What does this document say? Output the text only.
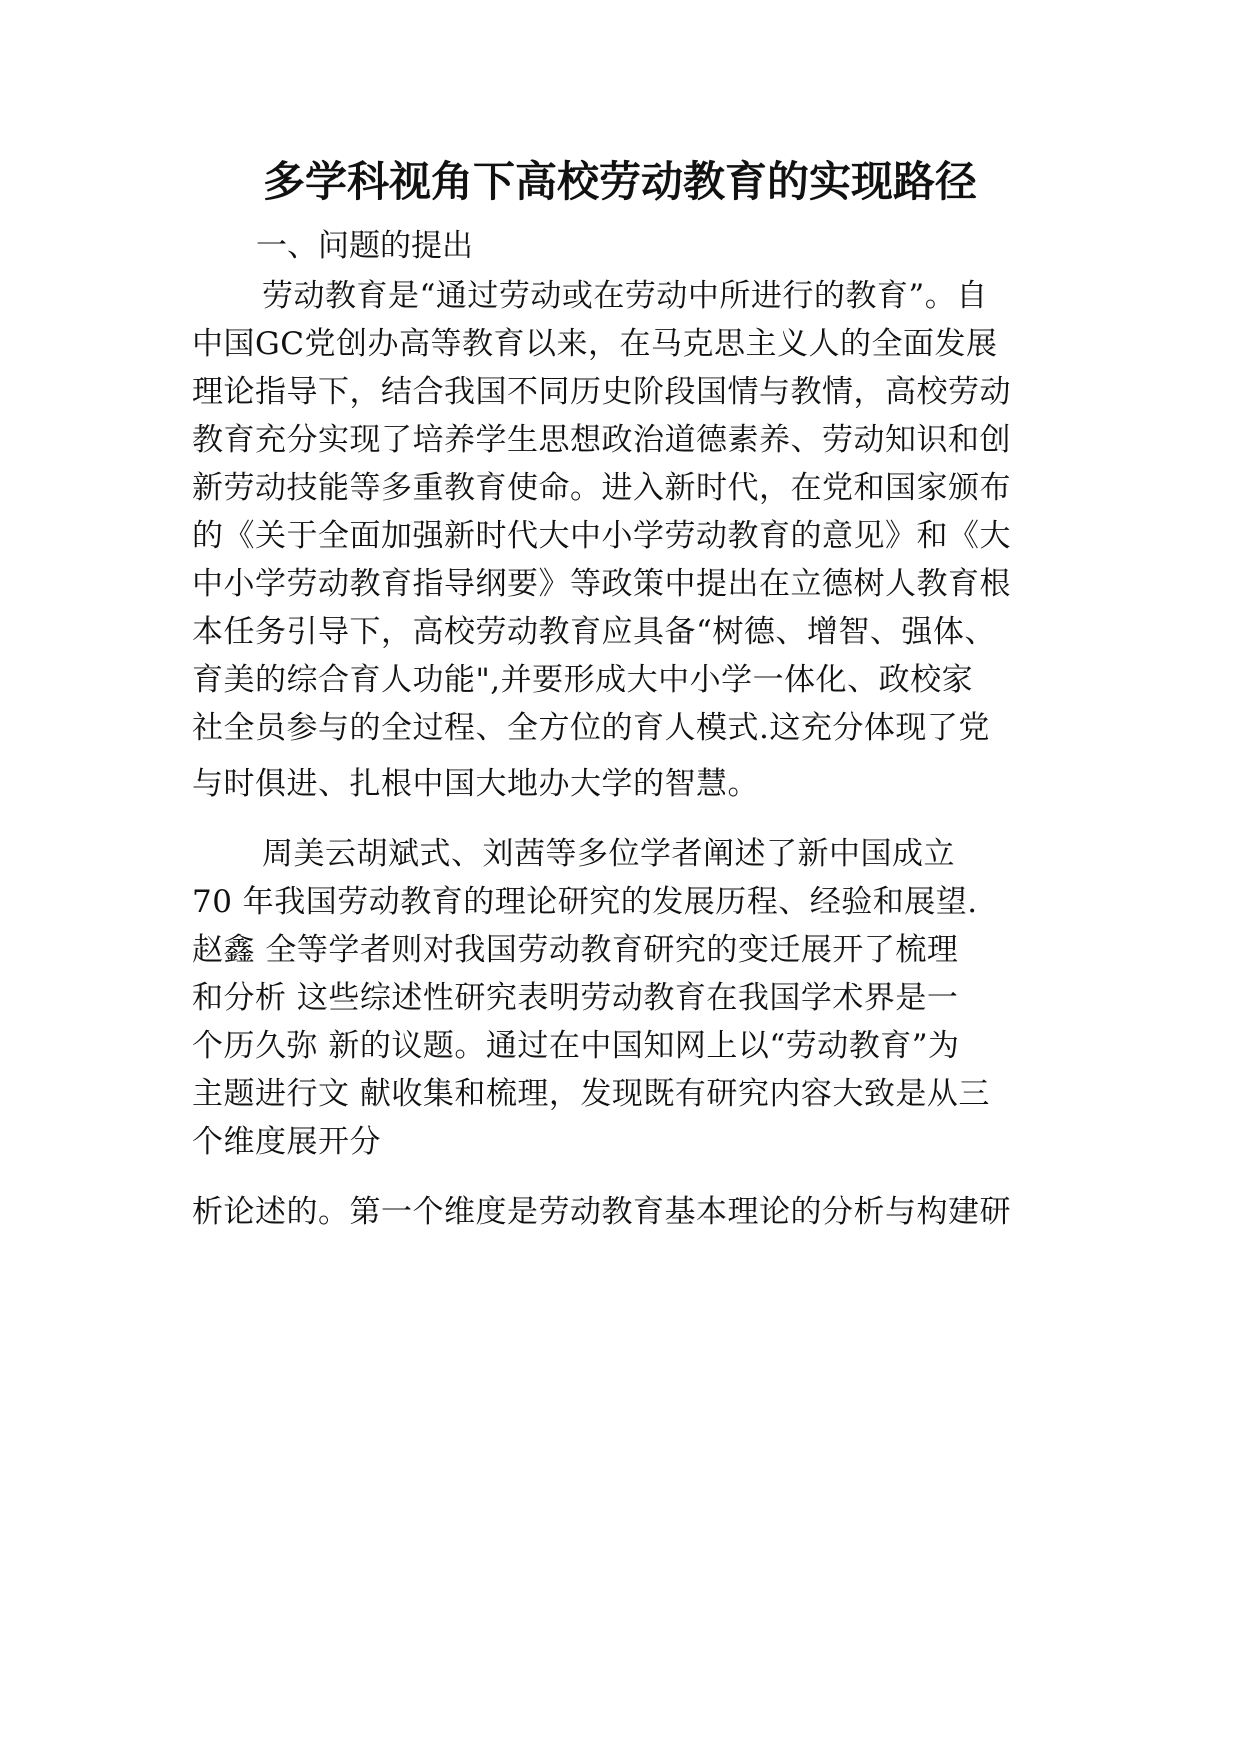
多学科视角下高校劳动教育的实现路径
一、问题的提出
劳动教育是“通过劳动或在劳动中所进行的教育”。自
中国GC党创办高等教育以来，在马克思主义人的全面发展
理论指导下，结合我国不同历史阶段国情与教情，高校劳动
教育充分实现了培养学生思想政治道德素养、劳动知识和创
新劳动技能等多重教育使命。进入新时代，在党和国家颁布
的《关于全面加强新时代大中小学劳动教育的意见》和《大
中小学劳动教育指导纲要》等政策中提出在立德树人教育根
本任务引导下，高校劳动教育应具备“树德、增智、强体、
育美的综合育人功能",并要形成大中小学一体化、政校家
社全员参与的全过程、全方位的育人模式.这充分体现了党
与时俱进、扎根中国大地办大学的智慧。
周美云胡斌式、刘茜等多位学者阐述了新中国成立
70 年我国劳动教育的理论研究的发展历程、经验和展望.
赵鑫 全等学者则对我国劳动教育研究的变迁展开了梳理
和分析 这些综述性研究表明劳动教育在我国学术界是一
个历久弥 新的议题。通过在中国知网上以“劳动教育”为
主题进行文 献收集和梳理，发现既有研究内容大致是从三
个维度展开分
析论述的。第一个维度是劳动教育基本理论的分析与构建研
